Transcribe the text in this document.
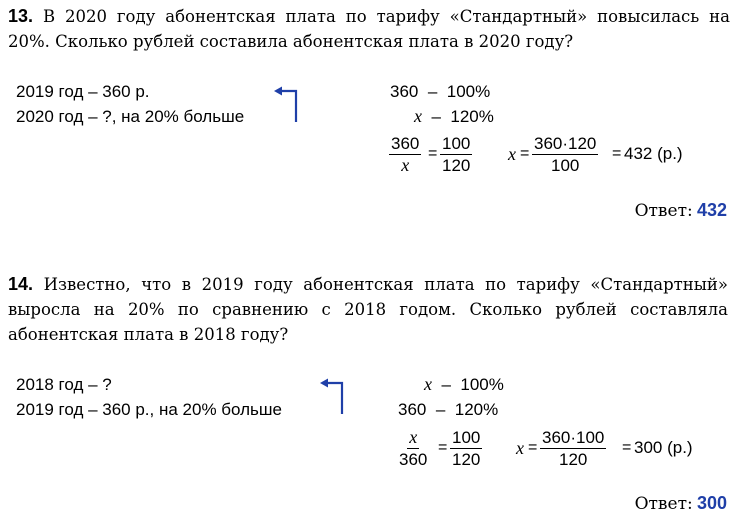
13. В 2020 году абонентская плата по тарифу «Стандартный» повысилась на 20%. Сколько рублей составила абонентская плата в 2020 году?
2019 год – 360 р.
2020 год – ?, на 20% больше
360 – 100%
x – 120%
$\frac{360}{x} = \frac{100}{120}$ $x = \frac{360\cdot 120}{100} = 432$ (р.)
Ответ: 432
14. Известно, что в 2019 году абонентская плата по тарифу «Стандартный» выросла на 20% по сравнению с 2018 годом. Сколько рублей составляла абонентская плата в 2018 году?
2018 год – ?
2019 год – 360 р., на 20% больше
x – 100%
360 – 120%
$\frac{x}{360} = \frac{100}{120}$ $x = \frac{360\cdot 100}{120} = 300$ (р.)
Ответ: 300
